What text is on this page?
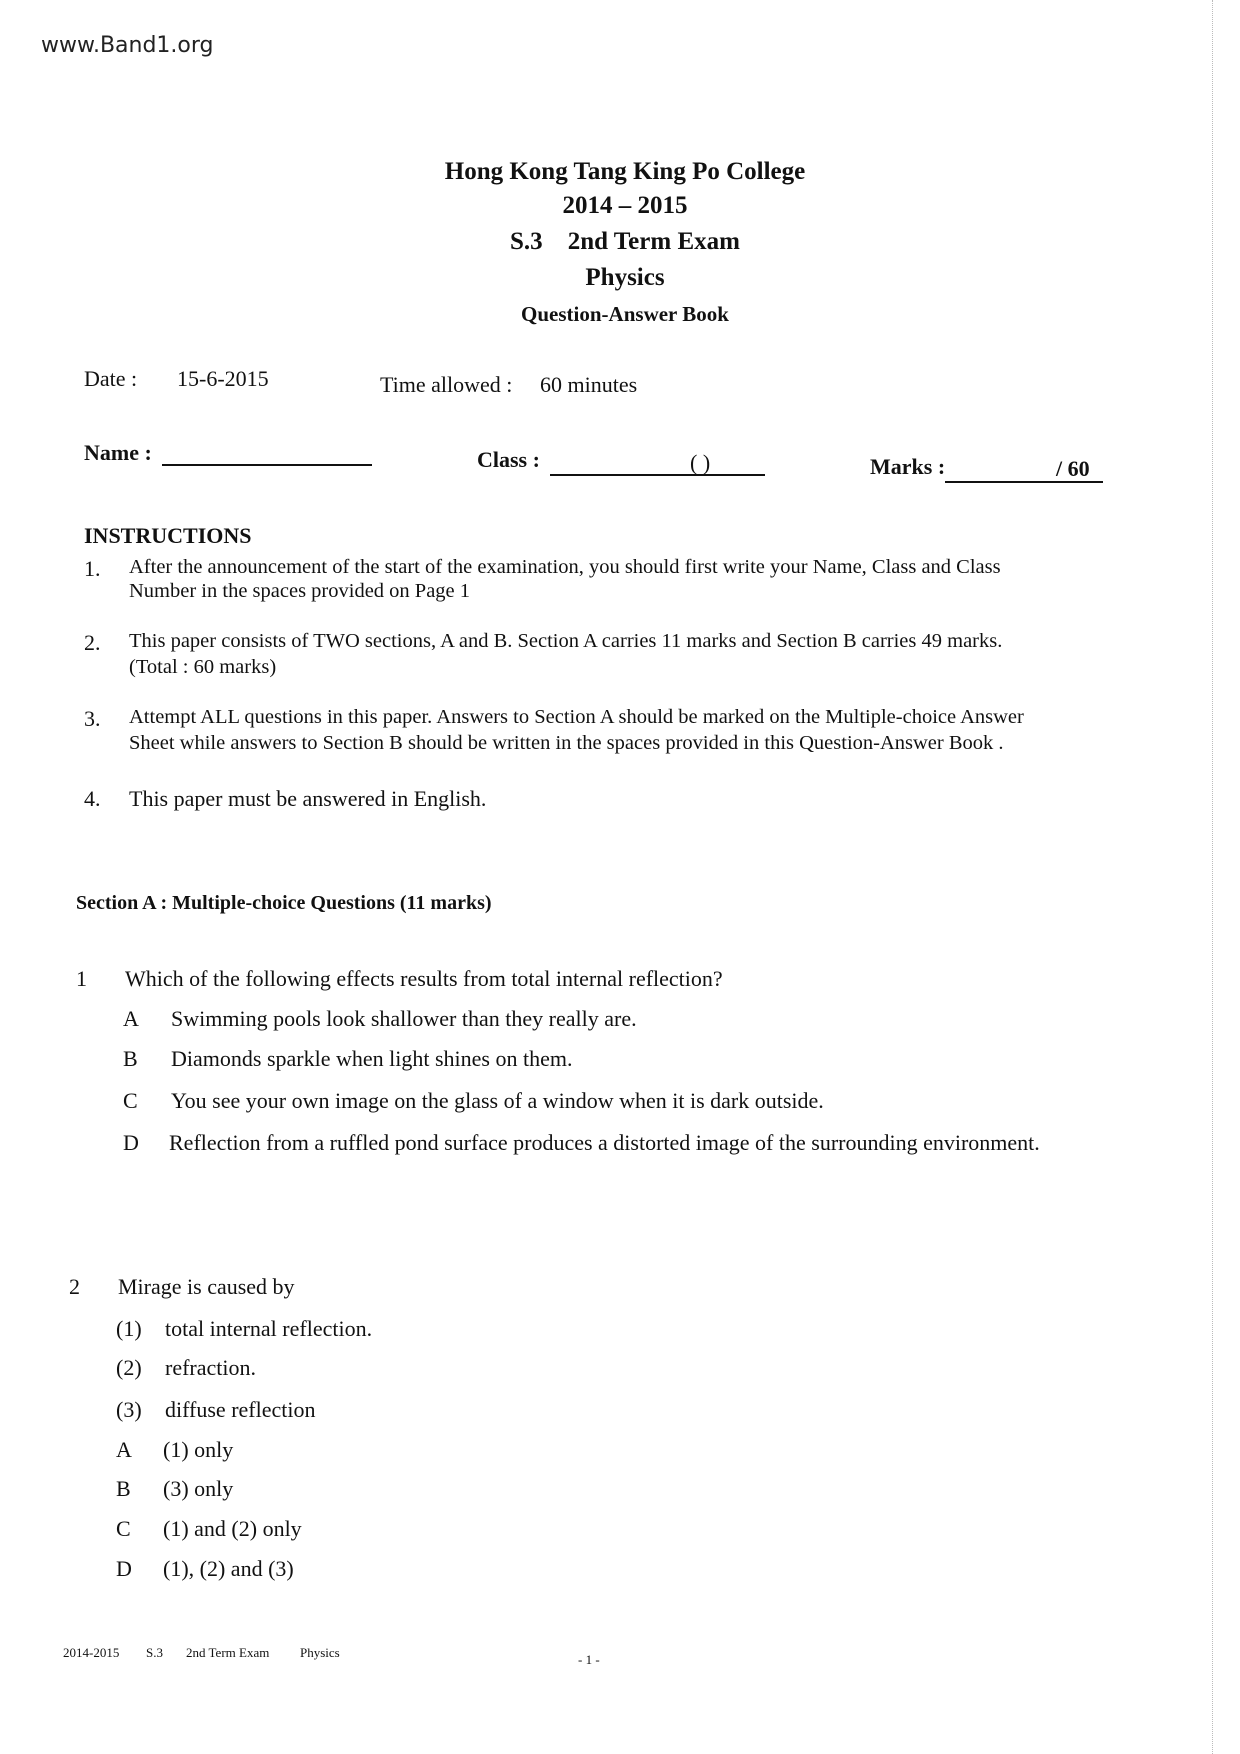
www.Band1.org
Hong Kong Tang King Po College
2014 – 2015
S.3 2nd Term Exam
Physics
Question-Answer Book
Date : 15-6-2015	Time allowed : 60 minutes
Name :	Class :	( )	Marks :	/ 60
INSTRUCTIONS
1. After the announcement of the start of the examination, you should first write your Name, Class and Class
Number in the spaces provided on Page 1
2. This paper consists of TWO sections, A and B. Section A carries 11 marks and Section B carries 49 marks.
(Total : 60 marks)
3. Attempt ALL questions in this paper. Answers to Section A should be marked on the Multiple-choice Answer
Sheet while answers to Section B should be written in the spaces provided in this Question-Answer Book .
4. This paper must be answered in English.
Section A : Multiple-choice Questions (11 marks)
1 Which of the following effects results from total internal reflection?
A Swimming pools look shallower than they really are.
B Diamonds sparkle when light shines on them.
C You see your own image on the glass of a window when it is dark outside.
D Reflection from a ruffled pond surface produces a distorted image of the surrounding environment.
2 Mirage is caused by
(1) total internal reflection.
(2) refraction.
(3) diffuse reflection
A (1) only
B (3) only
C (1) and (2) only
D (1), (2) and (3)
2014-2015 S.3 2nd Term Exam Physics	- 1 -
